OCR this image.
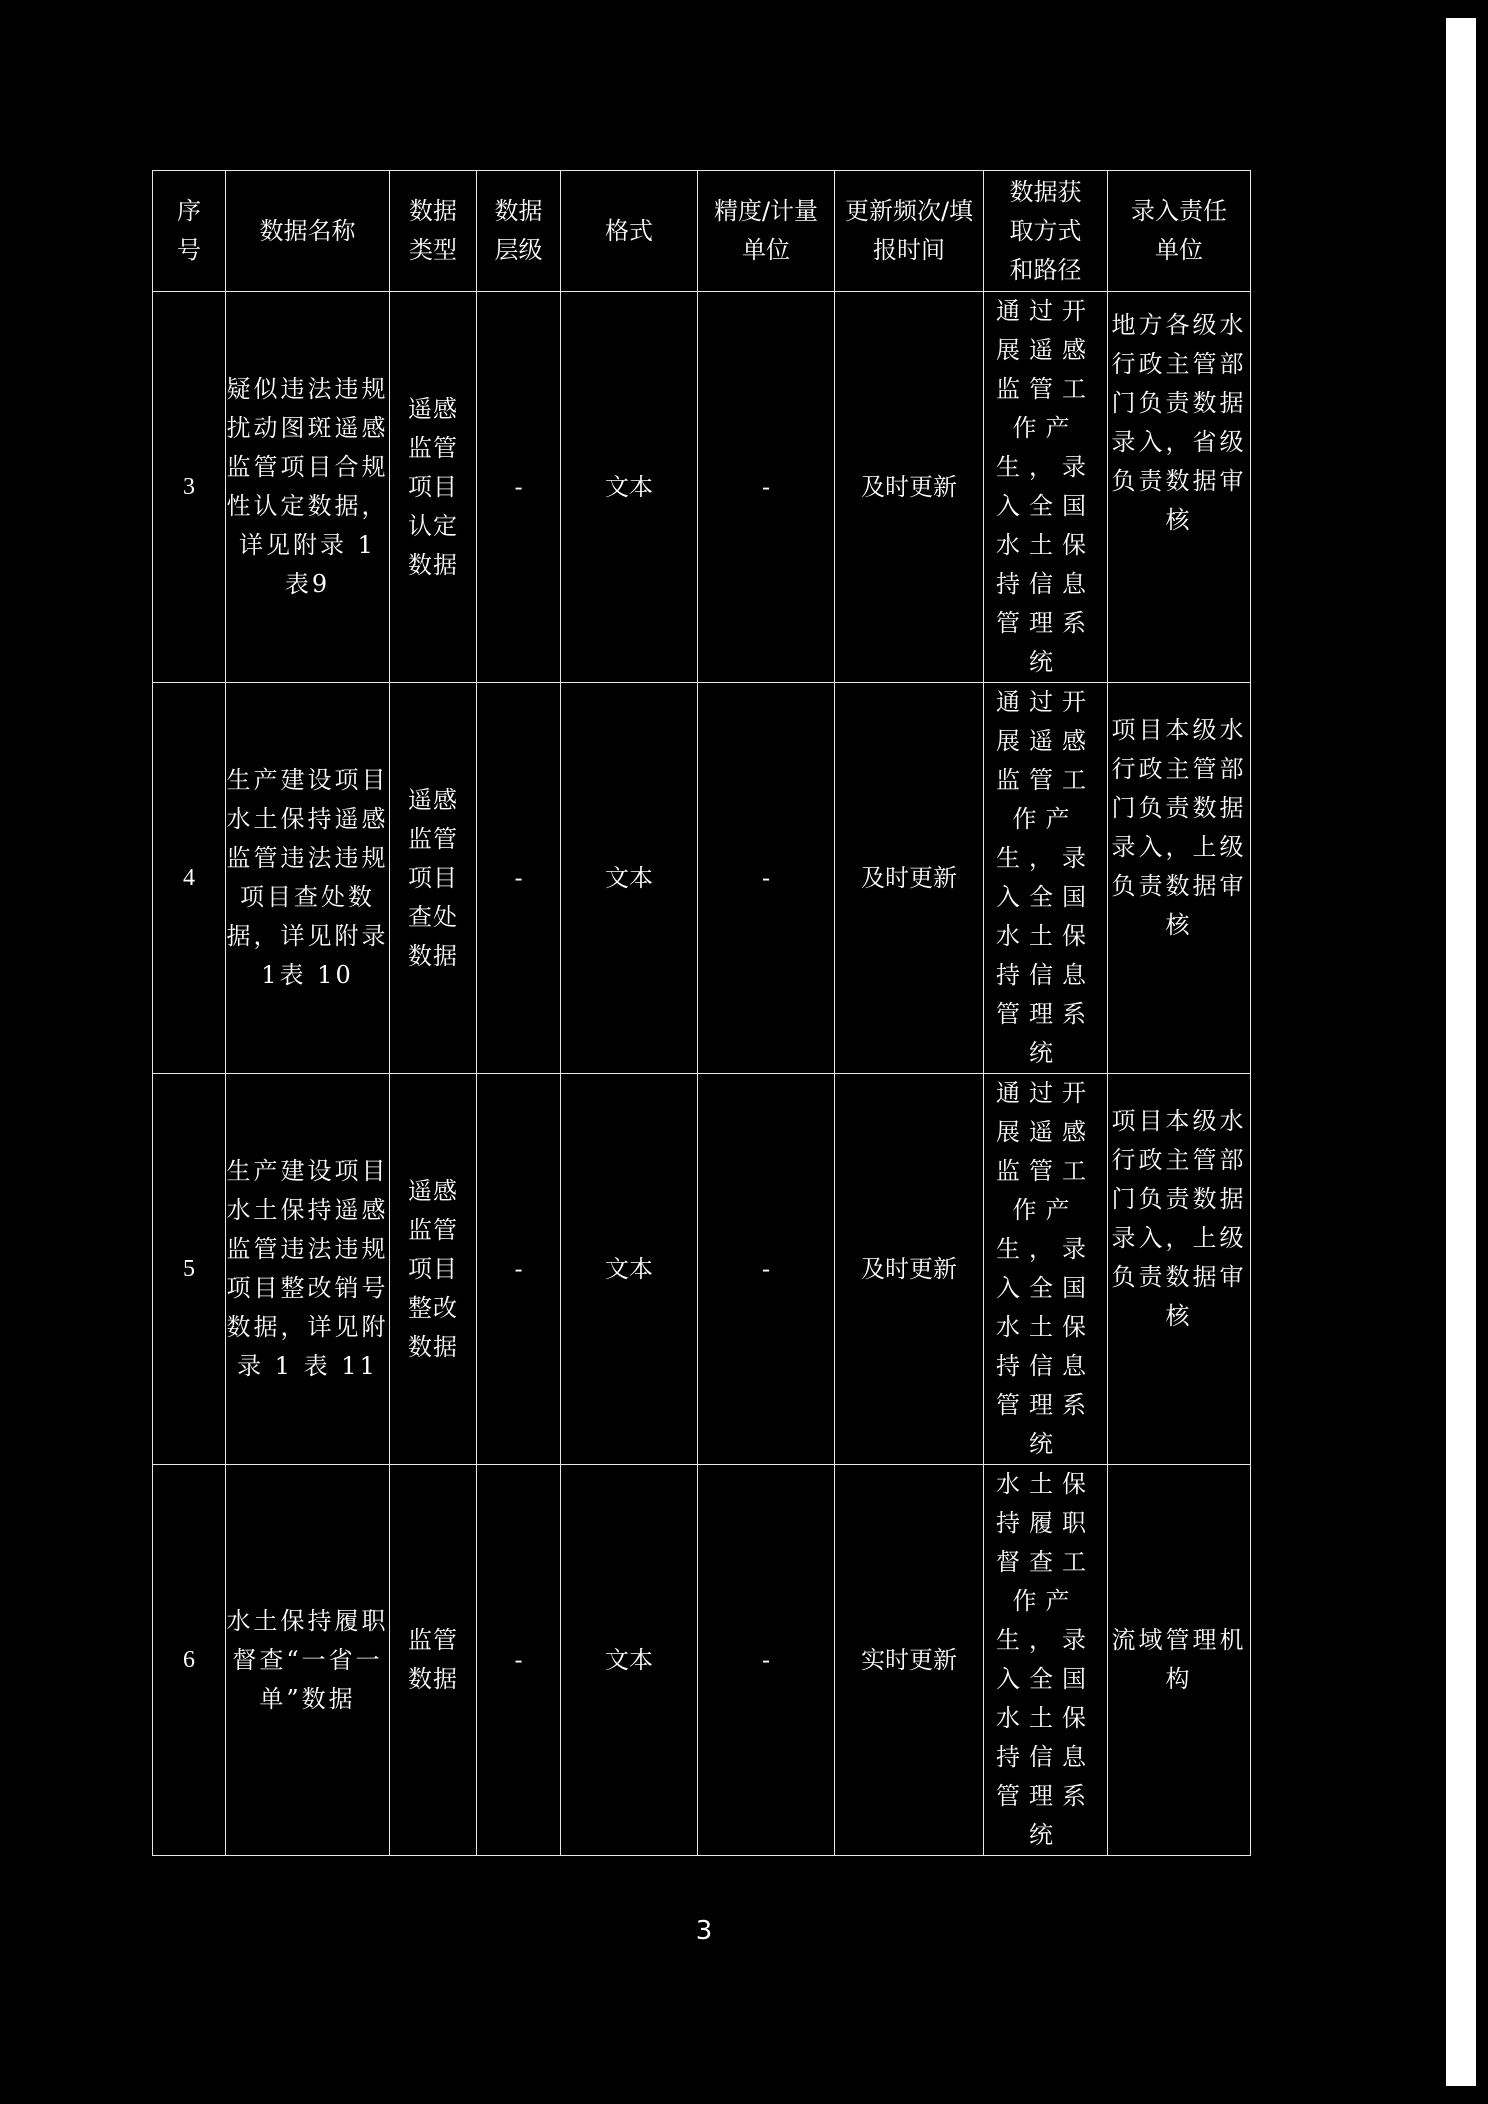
序号	数据名称	数据类型	数据层级	格式	精度/计量单位	更新频次/填报时间	数据获取方式和路径	录入责任单位
3	疑似违法违规扰动图斑遥感监管项目合规性认定数据，详见附录 1 表9	遥感监管项目认定数据	-	文本	-	及时更新	通过开展遥感监管工作产生，录入全国水土保持信息管理系统	地方各级水行政主管部门负责数据录入，省级负责数据审核
4	生产建设项目水土保持遥感监管违法违规项目查处数据，详见附录 1表 10	遥感监管项目查处数据	-	文本	-	及时更新	通过开展遥感监管工作产生，录入全国水土保持信息管理系统	项目本级水行政主管部门负责数据录入，上级负责数据审核
5	生产建设项目水土保持遥感监管违法违规项目整改销号数据，详见附录 1 表 11	遥感监管项目整改数据	-	文本	-	及时更新	通过开展遥感监管工作产生，录入全国水土保持信息管理系统	项目本级水行政主管部门负责数据录入，上级负责数据审核
6	水土保持履职督查“一省一单”数据	监管数据	-	文本	-	实时更新	水土保持履职督查工作产生，录入全国水土保持信息管理系统	流域管理机构
3
